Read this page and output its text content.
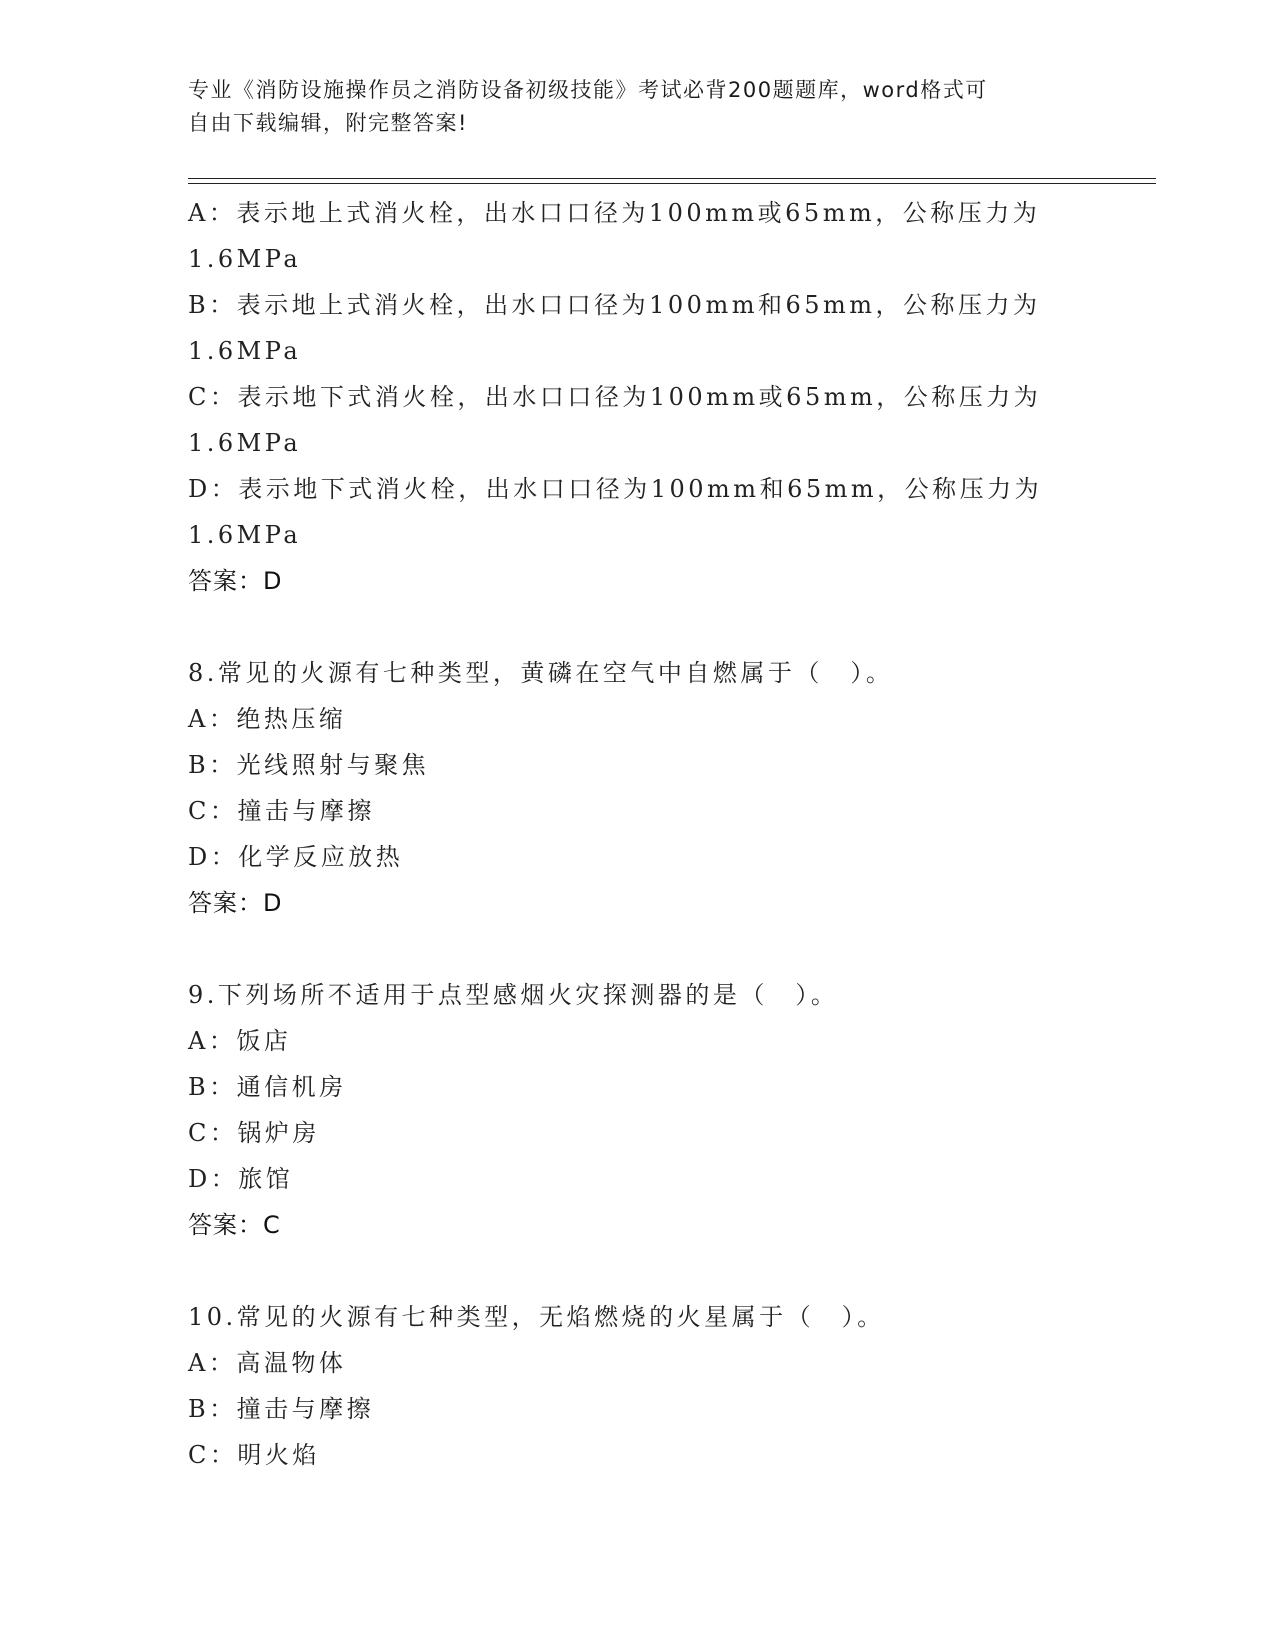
专业《消防设施操作员之消防设备初级技能》考试必背200题题库，word格式可
自由下载编辑，附完整答案!
A：表示地上式消火栓，出水口口径为100mm或65mm，公称压力为
1.6MPa
B：表示地上式消火栓，出水口口径为100mm和65mm，公称压力为
1.6MPa
C：表示地下式消火栓，出水口口径为100mm或65mm，公称压力为
1.6MPa
D：表示地下式消火栓，出水口口径为100mm和65mm，公称压力为
1.6MPa
答案：D
8.常见的火源有七种类型，黄磷在空气中自燃属于（　）。
A：绝热压缩
B：光线照射与聚焦
C：撞击与摩擦
D：化学反应放热
答案：D
9.下列场所不适用于点型感烟火灾探测器的是（　）。
A：饭店
B：通信机房
C：锅炉房
D：旅馆
答案：C
10.常见的火源有七种类型，无焰燃烧的火星属于（　）。
A：高温物体
B：撞击与摩擦
C：明火焰
